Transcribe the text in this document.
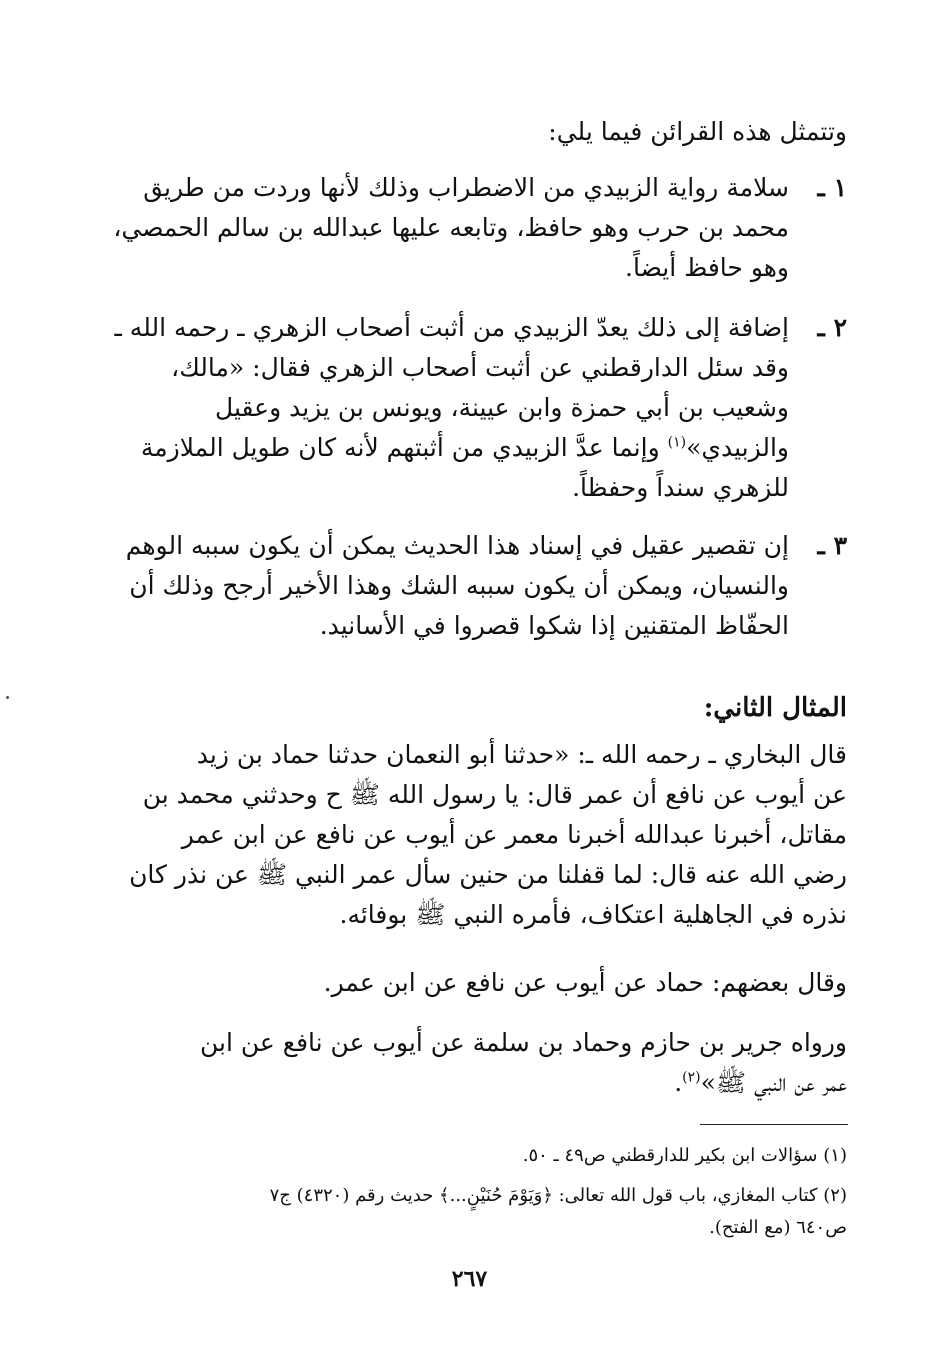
وتتمثل هذه القرائن فيما يلي:
١ ـ
سلامة رواية الزبيدي من الاضطراب وذلك لأنها وردت من طريق
محمد بن حرب وهو حافظ، وتابعه عليها عبدالله بن سالم الحمصي،
وهو حافظ أيضاً.
٢ ـ
إضافة إلى ذلك يعدّ الزبيدي من أثبت أصحاب الزهري ـ رحمه الله ـ
وقد سئل الدارقطني عن أثبت أصحاب الزهري فقال: «مالك،
وشعيب بن أبي حمزة وابن عيينة، ويونس بن يزيد وعقيل
والزبيدي»$^{(١)}$ وإنما عدَّ الزبيدي من أثبتهم لأنه كان طويل الملازمة
للزهري سنداً وحفظاً.
٣ ـ
إن تقصير عقيل في إسناد هذا الحديث يمكن أن يكون سببه الوهم
والنسيان، ويمكن أن يكون سببه الشك وهذا الأخير أرجح وذلك أن
الحفّاظ المتقنين إذا شكوا قصروا في الأسانيد.
المثال الثاني:
قال البخاري ـ رحمه الله ـ: «حدثنا أبو النعمان حدثنا حماد بن زيد
عن أيوب عن نافع أن عمر قال: يا رسول الله ﷺ ح وحدثني محمد بن
مقاتل، أخبرنا عبدالله أخبرنا معمر عن أيوب عن نافع عن ابن عمر
رضي الله عنه قال: لما قفلنا من حنين سأل عمر النبي ﷺ عن نذر كان
نذره في الجاهلية اعتكاف، فأمره النبي ﷺ بوفائه.
وقال بعضهم: حماد عن أيوب عن نافع عن ابن عمر.
ورواه جرير بن حازم وحماد بن سلمة عن أيوب عن نافع عن ابن
عمر عن النبي ﷺ»$^{(٢)}$.
(١) سؤالات ابن بكير للدارقطني ص٤٩ ـ ٥٠.
(٢) كتاب المغازي، باب قول الله تعالى: ﴿وَيَوْمَ حُنَيْنٍ...﴾ حديث رقم (٤٣٢٠) ج٧
ص٦٤٠ (مع الفتح).
٢٦٧
